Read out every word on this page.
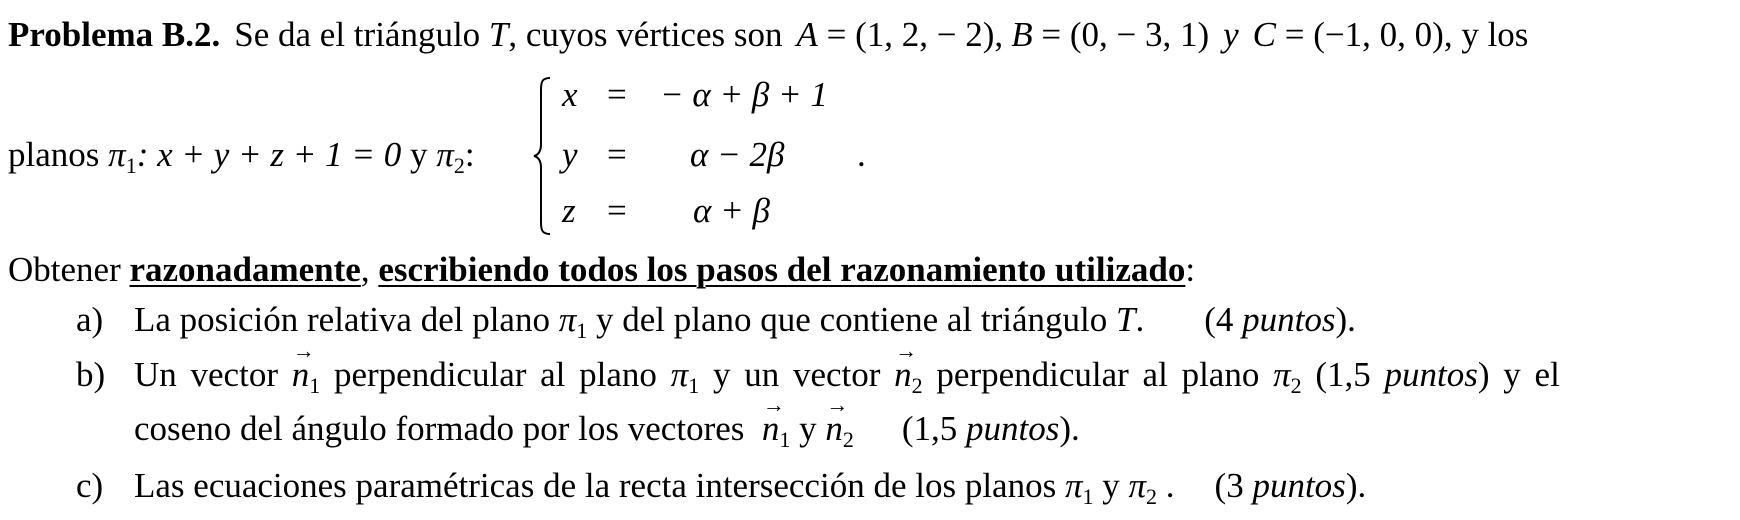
Problema B.2. Se da el triángulo T, cuyos vértices son A = (1, 2, − 2), B = (0, − 3, 1) y C = (−1, 0, 0), y los
planos $\pi_1$: x + y + z + 1 = 0 y $\pi_2$:
x = − α + β + 1
y = α − 2β
z = α + β
.
Obtener razonadamente, escribiendo todos los pasos del razonamiento utilizado:
a) La posición relativa del plano $\pi_1$ y del plano que contiene al triángulo T. (4 puntos).
b) Un vector
→
$n_1$ perpendicular al plano $\pi_1$ y un vector
→
$n_2$ perpendicular al plano $\pi_2$ (1,5 puntos) y el
coseno del ángulo formado por los vectores
→
$n_1$ y
→
$n_2$ (1,5 puntos).
c) Las ecuaciones paramétricas de la recta intersección de los planos $\pi_1$ y $\pi_2$ . (3 puntos).
